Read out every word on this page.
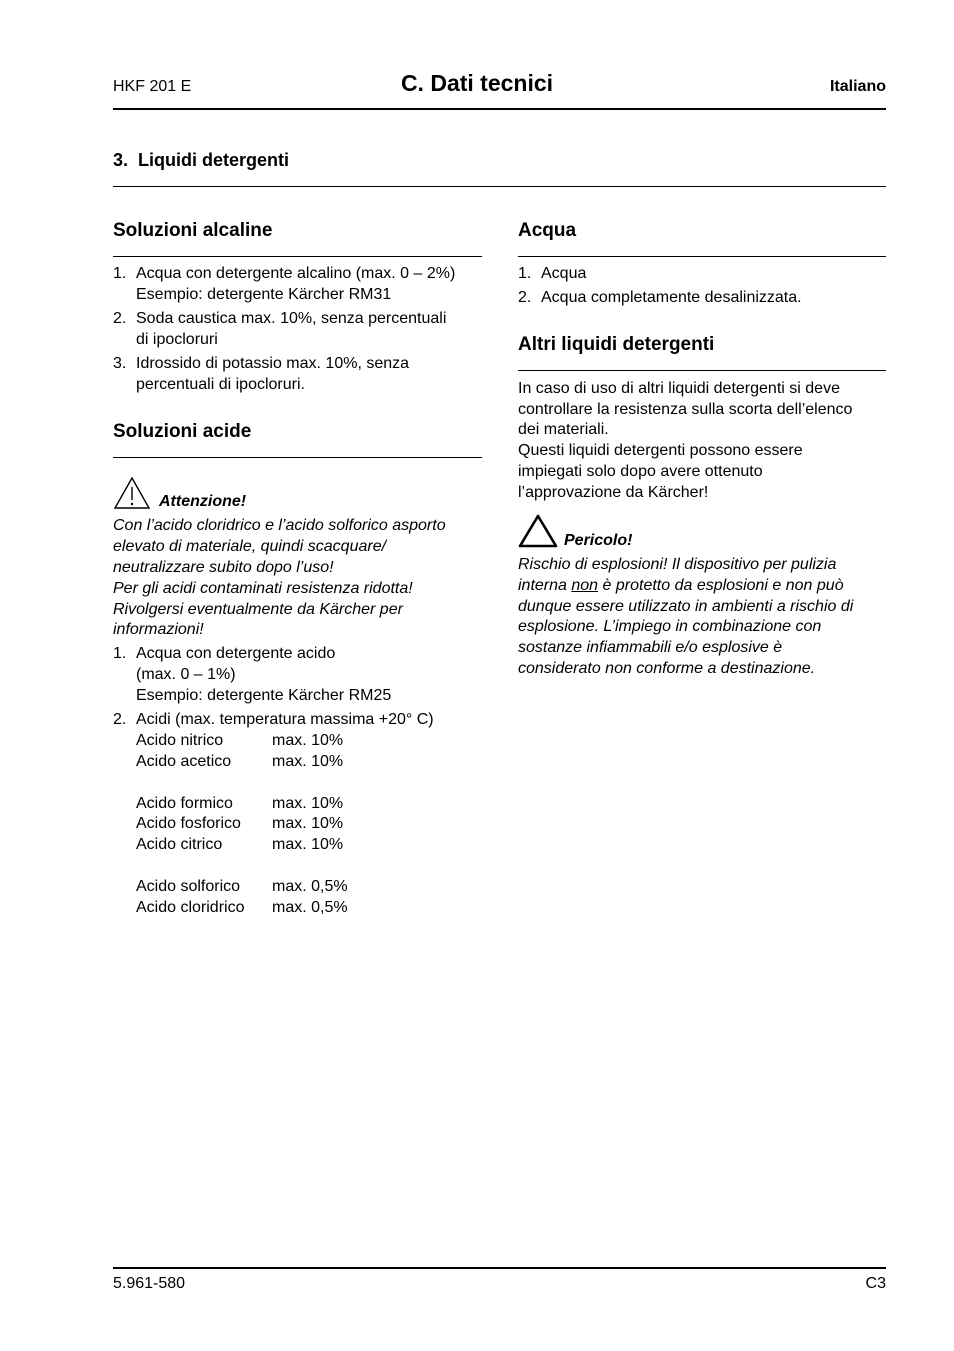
HKF 201 E	C. Dati tecnici	Italiano
3. Liquidi detergenti
Soluzioni alcaline
1. Acqua con detergente alcalino (max. 0 – 2%)
Esempio: detergente Kärcher RM31
2. Soda caustica max. 10%, senza percentuali
di ipocloruri
3. Idrossido di potassio max. 10%, senza
percentuali di ipocloruri.
Soluzioni acide
Attenzione!
Con l’acido cloridrico e l’acido solforico asporto
elevato di materiale, quindi scacquare/
neutralizzare subito dopo l’uso!
Per gli acidi contaminati resistenza ridotta!
Rivolgersi eventualmente da Kärcher per
informazioni!
1. Acqua con detergente acido
(max. 0 – 1%)
Esempio: detergente Kärcher RM25
2. Acidi (max. temperatura massima +20° C)
Acido nitrico	max. 10%
Acido acetico	max. 10%
Acido formico max. 10%
Acido fosforico max. 10%
Acido citrico	max. 10%
Acido solforico max. 0,5%
Acido cloridrico max. 0,5%
Acqua
1. Acqua
2. Acqua completamente desalinizzata.
Altri liquidi detergenti
In caso di uso di altri liquidi detergenti si deve
controllare la resistenza sulla scorta dell’elenco
dei materiali.
Questi liquidi detergenti possono essere
impiegati solo dopo avere ottenuto
l’approvazione da Kärcher!
Pericolo!
Rischio di esplosioni! Il dispositivo per pulizia
interna non è protetto da esplosioni e non può
dunque essere utilizzato in ambienti a rischio di
esplosione. L’impiego in combinazione con
sostanze infiammabili e/o esplosive è
considerato non conforme a destinazione.
5.961-580	C3
